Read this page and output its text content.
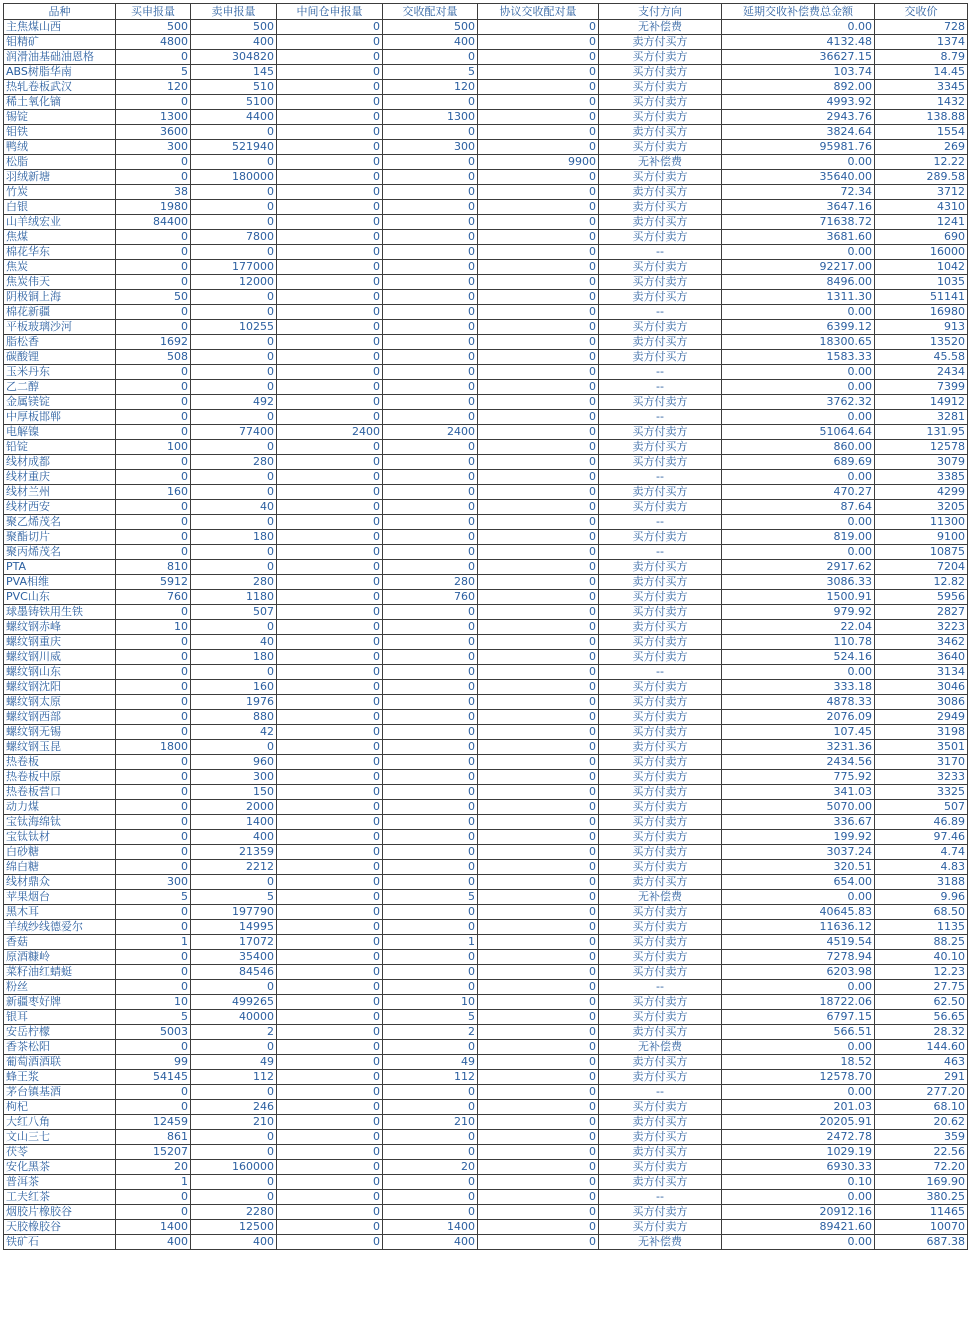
品种	买申报量	卖申报量	中间仓申报量	交收配对量	协议交收配对量	支付方向	延期交收补偿费总金额	交收价
主焦煤山西	500	500	0	500	0	无补偿费	0.00	728
钼精矿	4800	400	0	400	0	卖方付买方	4132.48	1374
润滑油基础油恩格	0	304820	0	0	0	买方付卖方	36627.15	8.79
ABS树脂华南	5	145	0	5	0	买方付卖方	103.74	14.45
热轧卷板武汉	120	510	0	120	0	买方付卖方	892.00	3345
稀土氧化镝	0	5100	0	0	0	买方付卖方	4993.92	1432
锡锭	1300	4400	0	1300	0	买方付卖方	2943.76	138.88
钼铁	3600	0	0	0	0	卖方付买方	3824.64	1554
鸭绒	300	521940	0	300	0	买方付卖方	95981.76	269
松脂	0	0	0	0	9900	无补偿费	0.00	12.22
羽绒新塘	0	180000	0	0	0	买方付卖方	35640.00	289.58
竹炭	38	0	0	0	0	卖方付买方	72.34	3712
白银	1980	0	0	0	0	卖方付买方	3647.16	4310
山羊绒宏业	84400	0	0	0	0	卖方付买方	71638.72	1241
焦煤	0	7800	0	0	0	买方付卖方	3681.60	690
棉花华东	0	0	0	0	0	--	0.00	16000
焦炭	0	177000	0	0	0	买方付卖方	92217.00	1042
焦炭伟天	0	12000	0	0	0	买方付卖方	8496.00	1035
阴极铜上海	50	0	0	0	0	卖方付买方	1311.30	51141
棉花新疆	0	0	0	0	0	--	0.00	16980
平板玻璃沙河	0	10255	0	0	0	买方付卖方	6399.12	913
脂松香	1692	0	0	0	0	卖方付买方	18300.65	13520
碳酸锂	508	0	0	0	0	卖方付买方	1583.33	45.58
玉米丹东	0	0	0	0	0	--	0.00	2434
乙二醇	0	0	0	0	0	--	0.00	7399
金属镁锭	0	492	0	0	0	买方付卖方	3762.32	14912
中厚板邯郸	0	0	0	0	0	--	0.00	3281
电解镍	0	77400	2400	2400	0	买方付卖方	51064.64	131.95
铅锭	100	0	0	0	0	卖方付买方	860.00	12578
线材成都	0	280	0	0	0	买方付卖方	689.69	3079
线材重庆	0	0	0	0	0	--	0.00	3385
线材兰州	160	0	0	0	0	卖方付买方	470.27	4299
线材西安	0	40	0	0	0	买方付卖方	87.64	3205
聚乙烯茂名	0	0	0	0	0	--	0.00	11300
聚酯切片	0	180	0	0	0	买方付卖方	819.00	9100
聚丙烯茂名	0	0	0	0	0	--	0.00	10875
PTA	810	0	0	0	0	卖方付买方	2917.62	7204
PVA相维	5912	280	0	280	0	卖方付买方	3086.33	12.82
PVC山东	760	1180	0	760	0	买方付卖方	1500.91	5956
球墨铸铁用生铁	0	507	0	0	0	买方付卖方	979.92	2827
螺纹钢赤峰	10	0	0	0	0	卖方付买方	22.04	3223
螺纹钢重庆	0	40	0	0	0	买方付卖方	110.78	3462
螺纹钢川威	0	180	0	0	0	买方付卖方	524.16	3640
螺纹钢山东	0	0	0	0	0	--	0.00	3134
螺纹钢沈阳	0	160	0	0	0	买方付卖方	333.18	3046
螺纹钢太原	0	1976	0	0	0	买方付卖方	4878.33	3086
螺纹钢西部	0	880	0	0	0	买方付卖方	2076.09	2949
螺纹钢无锡	0	42	0	0	0	买方付卖方	107.45	3198
螺纹钢玉昆	1800	0	0	0	0	卖方付买方	3231.36	3501
热卷板	0	960	0	0	0	买方付卖方	2434.56	3170
热卷板中原	0	300	0	0	0	买方付卖方	775.92	3233
热卷板营口	0	150	0	0	0	买方付卖方	341.03	3325
动力煤	0	2000	0	0	0	买方付卖方	5070.00	507
宝钛海绵钛	0	1400	0	0	0	买方付卖方	336.67	46.89
宝钛钛材	0	400	0	0	0	买方付卖方	199.92	97.46
白砂糖	0	21359	0	0	0	买方付卖方	3037.24	4.74
绵白糖	0	2212	0	0	0	买方付卖方	320.51	4.83
线材鼎众	300	0	0	0	0	卖方付买方	654.00	3188
苹果烟台	5	5	0	5	0	无补偿费	0.00	9.96
黑木耳	0	197790	0	0	0	买方付卖方	40645.83	68.50
羊绒纱线德爱尔	0	14995	0	0	0	买方付卖方	11636.12	1135
香菇	1	17072	0	1	0	买方付卖方	4519.54	88.25
原酒糠岭	0	35400	0	0	0	买方付卖方	7278.94	40.10
菜籽油红蜻蜓	0	84546	0	0	0	买方付卖方	6203.98	12.23
粉丝	0	0	0	0	0	--	0.00	27.75
新疆枣好牌	10	499265	0	10	0	买方付卖方	18722.06	62.50
银耳	5	40000	0	5	0	买方付卖方	6797.15	56.65
安岳柠檬	5003	2	0	2	0	卖方付买方	566.51	28.32
香茶松阳	0	0	0	0	0	无补偿费	0.00	144.60
葡萄酒酒联	99	49	0	49	0	卖方付买方	18.52	463
蜂王浆	54145	112	0	112	0	卖方付买方	12578.70	291
茅台镇基酒	0	0	0	0	0	--	0.00	277.20
枸杞	0	246	0	0	0	买方付卖方	201.03	68.10
大红八角	12459	210	0	210	0	卖方付买方	20205.91	20.62
文山三七	861	0	0	0	0	卖方付买方	2472.78	359
茯苓	15207	0	0	0	0	卖方付买方	1029.19	22.56
安化黑茶	20	160000	0	20	0	买方付卖方	6930.33	72.20
普洱茶	1	0	0	0	0	卖方付买方	0.10	169.90
工夫红茶	0	0	0	0	0	--	0.00	380.25
烟胶片橡胶谷	0	2280	0	0	0	买方付卖方	20912.16	11465
天胶橡胶谷	1400	12500	0	1400	0	买方付卖方	89421.60	10070
铁矿石	400	400	0	400	0	无补偿费	0.00	687.38
